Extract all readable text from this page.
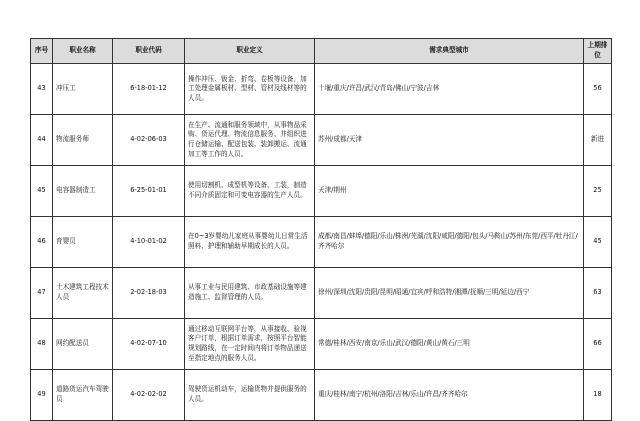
序号	职业名称	职业代码	职业定义	需求典型城市	上期排位
43	冲压工	6-18-01-12	操作冲压、钣金、折弯、卷板等设备，加工处理金属板材、型材、管材及线材等的人员。	十堰/重庆/许昌/武汉/青岛/佛山/宁波/吉林	56
44	物流服务师	4-02-06-03	在生产、流通和服务领域中，从事物品采购、货运代理、物流信息服务、并组织进行仓储运输、配送包装、装卸搬运、流通加工等工作的人员。	苏州/成都/天津	新进
45	电容器制造工	6-25-01-01	使用切割机、成型机等设备、工装，制造不同介质固定和可变电容器的生产人员。	天津/荆州	25
46	育婴员	4-10-01-02	在0~3岁婴幼儿家庭从事婴幼儿日常生活照料、护理和辅助早期成长的人员。	成都/南昌/蚌埠/德阳/乐山/株洲/芜湖/沈阳/咸阳/德阳/包头/马鞍山/苏州/东莞/西平/牡丹江/齐齐哈尔	45
47	土木建筑工程技术人员	2-02-18-03	从事工业与民用建筑、市政基础设施等建造施工、监督管理的人员。	徐州/深圳/沈阳/贵阳/昆明/昭通/宜宾/呼和浩特/湘潭/抚顺/三明/延边/西宁	63
48	网约配送员	4-02-07-10	通过移动互联网平台等，从事接收、验视客户订单，根据订单需求，按照平台智能规划路线，在一定时间内将订单物品递送至指定地点的服务人员。	常德/桂林/西安/南京/乐山/武汉/德阳/黄山/黄石/三明	66
49	道路货运汽车驾驶员	4-02-02-02	驾驶货运机动车，运输货物并提供服务的人员。	重庆/桂林/南宁/杭州/洛阳/吉林/乐山/许昌/齐齐哈尔	18
